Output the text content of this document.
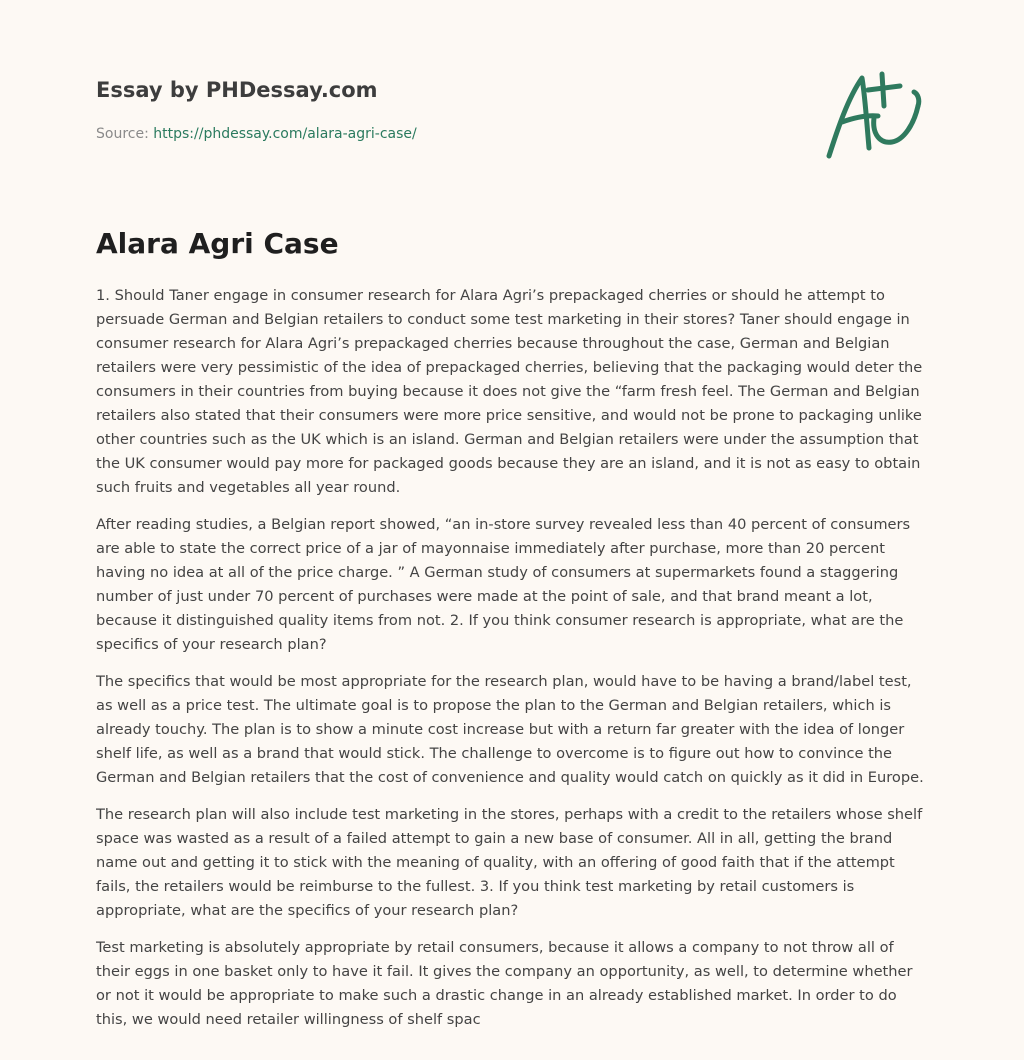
Essay by PHDessay.com
Source: https://phdessay.com/alara-agri-case/
Alara Agri Case

1. Should Taner engage in consumer research for Alara Agri’s prepackaged cherries or should he attempt to persuade German and Belgian retailers to conduct some test marketing in their stores? Taner should engage in consumer research for Alara Agri’s prepackaged cherries because throughout the case, German and Belgian retailers were very pessimistic of the idea of prepackaged cherries, believing that the packaging would deter the consumers in their countries from buying because it does not give the “farm fresh feel. The German and Belgian retailers also stated that their consumers were more price sensitive, and would not be prone to packaging unlike other countries such as the UK which is an island. German and Belgian retailers were under the assumption that the UK consumer would pay more for packaged goods because they are an island, and it is not as easy to obtain such fruits and vegetables all year round.

After reading studies, a Belgian report showed, “an in-store survey revealed less than 40 percent of consumers are able to state the correct price of a jar of mayonnaise immediately after purchase, more than 20 percent having no idea at all of the price charge. ” A German study of consumers at supermarkets found a staggering number of just under 70 percent of purchases were made at the point of sale, and that brand meant a lot, because it distinguished quality items from not. 2. If you think consumer research is appropriate, what are the specifics of your research plan?

The specifics that would be most appropriate for the research plan, would have to be having a brand/label test, as well as a price test. The ultimate goal is to propose the plan to the German and Belgian retailers, which is already touchy. The plan is to show a minute cost increase but with a return far greater with the idea of longer shelf life, as well as a brand that would stick. The challenge to overcome is to figure out how to convince the German and Belgian retailers that the cost of convenience and quality would catch on quickly as it did in Europe.

The research plan will also include test marketing in the stores, perhaps with a credit to the retailers whose shelf space was wasted as a result of a failed attempt to gain a new base of consumer. All in all, getting the brand name out and getting it to stick with the meaning of quality, with an offering of good faith that if the attempt fails, the retailers would be reimburse to the fullest. 3. If you think test marketing by retail customers is appropriate, what are the specifics of your research plan?

Test marketing is absolutely appropriate by retail consumers, because it allows a company to not throw all of their eggs in one basket only to have it fail. It gives the company an opportunity, as well, to determine whether or not it would be appropriate to make such a drastic change in an already established market. In order to do this, we would need retailer willingness of shelf spac
